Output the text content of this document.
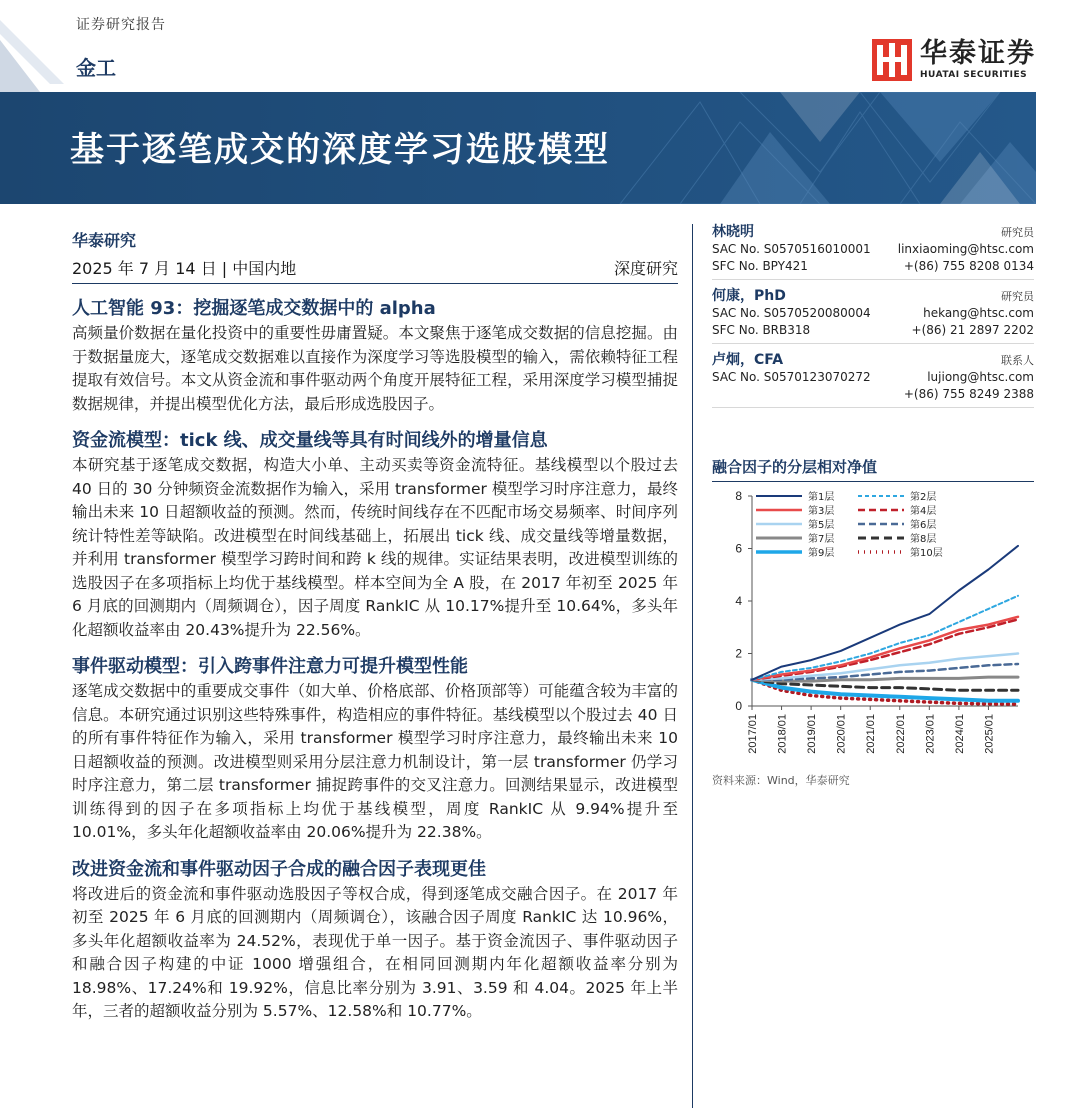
证券研究报告
金工	华泰证券
HUATAI SECURITIES
基于逐笔成交的深度学习选股模型
华泰研究
2025 年 7 月 14 日 | 中国内地	深度研究
人工智能 93：挖掘逐笔成交数据中的 alpha

高频量价数据在量化投资中的重要性毋庸置疑。本文聚焦于逐笔成交数据的信息挖掘。由于数据量庞大，逐笔成交数据难以直接作为深度学习等选股模型的输入，需依赖特征工程提取有效信号。本文从资金流和事件驱动两个角度开展特征工程，采用深度学习模型捕捉数据规律，并提出模型优化方法，最后形成选股因子。

资金流模型：tick 线、成交量线等具有时间线外的增量信息

本研究基于逐笔成交数据，构造大小单、主动买卖等资金流特征。基线模型以个股过去 40 日的 30 分钟频资金流数据作为输入，采用 transformer 模型学习时序注意力，最终输出未来 10 日超额收益的预测。然而，传统时间线存在不匹配市场交易频率、时间序列统计特性差等缺陷。改进模型在时间线基础上，拓展出 tick 线、成交量线等增量数据，并利用 transformer 模型学习跨时间和跨 k 线的规律。实证结果表明，改进模型训练的选股因子在多项指标上均优于基线模型。样本空间为全 A 股，在 2017 年初至 2025 年 6 月底的回测期内（周频调仓），因子周度 RankIC 从 10.17%提升至 10.64%，多头年化超额收益率由 20.43%提升为 22.56%。

事件驱动模型：引入跨事件注意力可提升模型性能

逐笔成交数据中的重要成交事件（如大单、价格底部、价格顶部等）可能蕴含较为丰富的信息。本研究通过识别这些特殊事件，构造相应的事件特征。基线模型以个股过去 40 日的所有事件特征作为输入，采用 transformer 模型学习时序注意力，最终输出未来 10 日超额收益的预测。改进模型则采用分层注意力机制设计，第一层 transformer 仍学习时序注意力，第二层 transformer 捕捉跨事件的交叉注意力。回测结果显示，改进模型训练得到的因子在多项指标上均优于基线模型，周度 RankIC 从 9.94%提升至 10.01%，多头年化超额收益率由 20.06%提升为 22.38%。

改进资金流和事件驱动因子合成的融合因子表现更佳

将改进后的资金流和事件驱动选股因子等权合成，得到逐笔成交融合因子。在 2017 年初至 2025 年 6 月底的回测期内（周频调仓），该融合因子周度 RankIC 达 10.96%，多头年化超额收益率为 24.52%，表现优于单一因子。基于资金流因子、事件驱动因子和融合因子构建的中证 1000 增强组合，在相同回测期内年化超额收益率分别为 18.98%、17.24%和 19.92%，信息比率分别为 3.91、3.59 和 4.04。2025 年上半年，三者的超额收益分别为 5.57%、12.58%和 10.77%。

林晓明	研究员
SAC No. S0570516010001 linxiaoming@htsc.com
SFC No. BPY421	+(86) 755 8208 0134
何康，PhD	研究员
SAC No. S0570520080004	hekang@htsc.com
SFC No. BRB318	+(86) 21 2897 2202
卢炯，CFA	联系人
SAC No. S0570123070272	lujiong@htsc.com
+(86) 755 8249 2388
融合因子的分层相对净值
0
2
4
6
8
2017/01 2018/01 2019/01 2020/01 2021/01 2022/01 2023/01 2024/01 2025/01
第1层	第2层
第3层	第4层
第5层	第6层
第7层	第8层
第9层	第10层
资料来源：Wind，华泰研究
